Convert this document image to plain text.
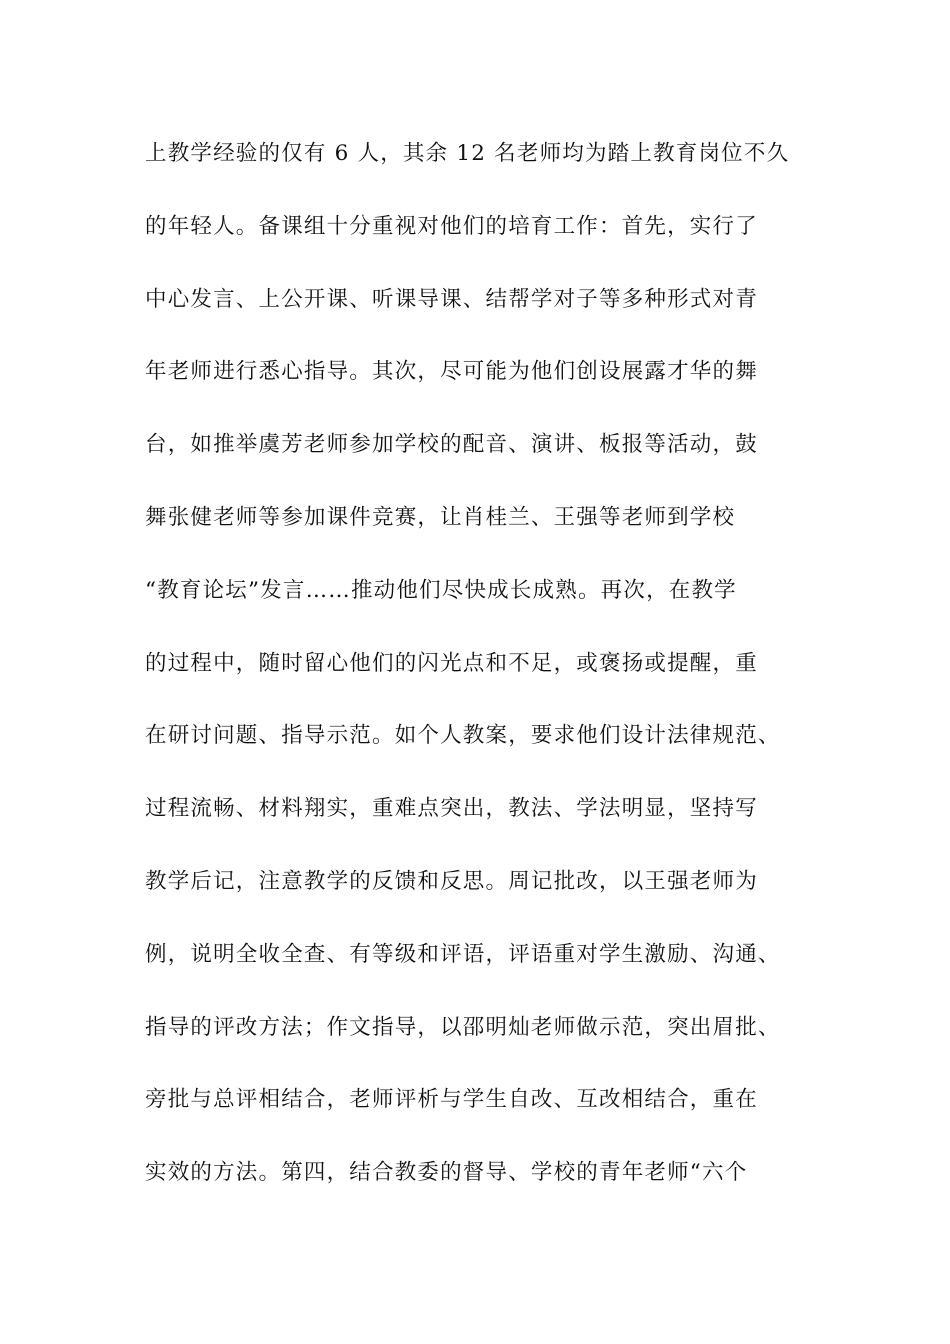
上教学经验的仅有 6 人，其余 12 名老师均为踏上教育岗位不久
的年轻人。备课组十分重视对他们的培育工作：首先，实行了
中心发言、上公开课、听课导课、结帮学对子等多种形式对青
年老师进行悉心指导。其次，尽可能为他们创设展露才华的舞
台，如推举虞芳老师参加学校的配音、演讲、板报等活动，鼓
舞张健老师等参加课件竞赛，让肖桂兰、王强等老师到学校
“教育论坛”发言……推动他们尽快成长成熟。再次，在教学
的过程中，随时留心他们的闪光点和不足，或褒扬或提醒，重
在研讨问题、指导示范。如个人教案，要求他们设计法律规范、
过程流畅、材料翔实，重难点突出，教法、学法明显，坚持写
教学后记，注意教学的反馈和反思。周记批改，以王强老师为
例，说明全收全查、有等级和评语，评语重对学生激励、沟通、
指导的评改方法；作文指导，以邵明灿老师做示范，突出眉批、
旁批与总评相结合，老师评析与学生自改、互改相结合，重在
实效的方法。第四，结合教委的督导、学校的青年老师“六个
